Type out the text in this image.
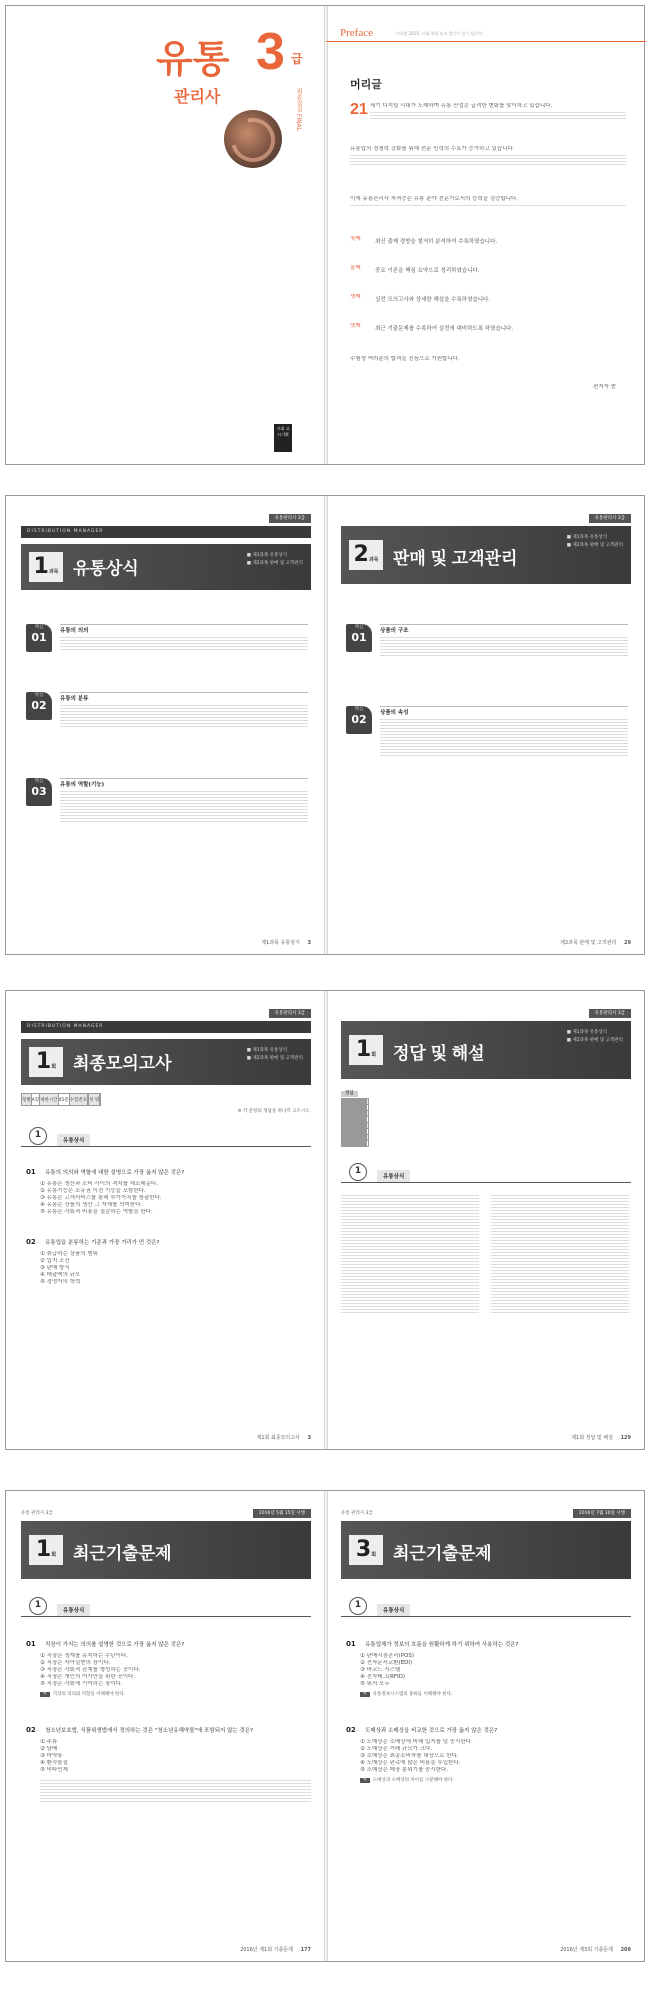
유통 3 급
관리사	최종점검 FINAL
시대 고시기획
Preface	머리말 2015, 시대 역학 도서 발간이 불기 당신의
머리글
21 세기 디지털 시대가 도래하며 유통 산업은 급격한 변화를 맞이하고 있습니다.
유통업의 경쟁력 강화를 위해 전문 인력의 수요가 증가하고 있습니다.
이에 유통관리사 자격증은 유통 분야 전문가로서의 능력을 검증합니다.
첫째	최신 출제 경향을 철저히 분석하여 수록하였습니다.
둘째	중요 이론을 핵심 요약으로 정리하였습니다.
셋째	실전 모의고사와 상세한 해설을 수록하였습니다.
넷째	최근 기출문제를 수록하여 실전에 대비하도록 하였습니다.
수험생 여러분의 합격을 진심으로 기원합니다.
편저자 씀
유통관리사 3급
DISTRIBUTION MANAGER
1과목 유통상식
■ 제1과목 유통상식
■ 제2과목 판매 및 고객관리
핵심
01	유통의 의의
핵심
02	유통의 분류
핵심
03	유통의 역할(기능)
제1과목 유통상식 3
유통관리사 3급
2과목 판매 및 고객관리
■ 제1과목 유통상식
■ 제2과목 판매 및 고객관리
핵심
01	상품의 구조
핵심
02	상품의 속성
제2과목 판매 및 고객관리 29
유통관리사 3급
DISTRIBUTION MANAGER
1회 최종모의고사
■ 제1과목 유통상식
■ 제2과목 판매 및 고객관리
형별	A형	제한시간	45분	수험번호		성 명	
※ 각 문항의 정답을 하나씩 고르시오.
1
유통상식
01 유통의 의의와 역할에 대한 설명으로 가장 옳지 않은 것은?
① 유통은 생산과 소비 사이의 격차를 해소해준다.
② 유통기능은 소유권 이전 기능을 포함한다.
③ 유통은 고객서비스를 통해 부가가치를 창출한다.
④ 유통은 상품의 생산 그 자체를 의미한다.
⑤ 유통은 사회적 비용을 절감하는 역할을 한다.
02 유통업을 분류하는 기준과 가장 거리가 먼 것은?
① 취급하는 상품의 범위
② 입지 조건
③ 판매 방식
④ 매출액의 규모
⑤ 경영자의 학력
제1회 최종모의고사 3
유통관리사 3급
1회 정답 및 해설
■ 제1과목 유통상식
■ 제2과목 판매 및 고객관리
정답

1
유통상식
제1회 정답 및 해설 129
유통 관리사 3급	2016년 5월 15일 시행
1회 최근기출문제
1
유통상식
01 직장이 가지는 의의를 설명한 것으로 가장 옳지 않은 것은?
① 직장은 생계를 유지하는 수단이다.
② 직장은 자아실현의 장이다.
③ 직장은 사회적 관계를 형성하는 곳이다.
④ 직장은 개인의 여가만을 위한 곳이다.
⑤ 직장은 사회에 기여하는 장이다.
✎ 직장의 의의와 역할을 이해해야 한다.
02 청소년보호법, 식품위생법에서 정의하는 것은 "청소년유해약물"에 포함되지 않는 것은?
① 주류
② 담배
③ 마약류
④ 환각물질
⑤ 비타민제
2016년 제1회 기출문제 177
유통 관리사 3급	2016년 7월 10일 시행
3회 최근기출문제
1
유통상식
01 유통업체가 정보의 흐름을 원활하게 하기 위하여 사용하는 것은?
① 판매시점관리(POS)
② 전자문서교환(EDI)
③ 바코드 시스템
④ 전자태그(RFID)
⑤ 위의 모두
✎ 유통정보시스템의 종류를 이해해야 한다.
02 도매상과 소매상을 비교한 것으로 가장 옳지 않은 것은?
① 도매상은 소매상에 비해 입지를 덜 중시한다.
② 도매상은 거래 규모가 크다.
③ 소매상은 최종소비자를 대상으로 한다.
④ 도매상은 판촉에 많은 비용을 투입한다.
⑤ 소매상은 매장 분위기를 중시한다.
✎ 도매상과 소매상의 차이를 구분해야 한다.
2016년 제3회 기출문제 209
